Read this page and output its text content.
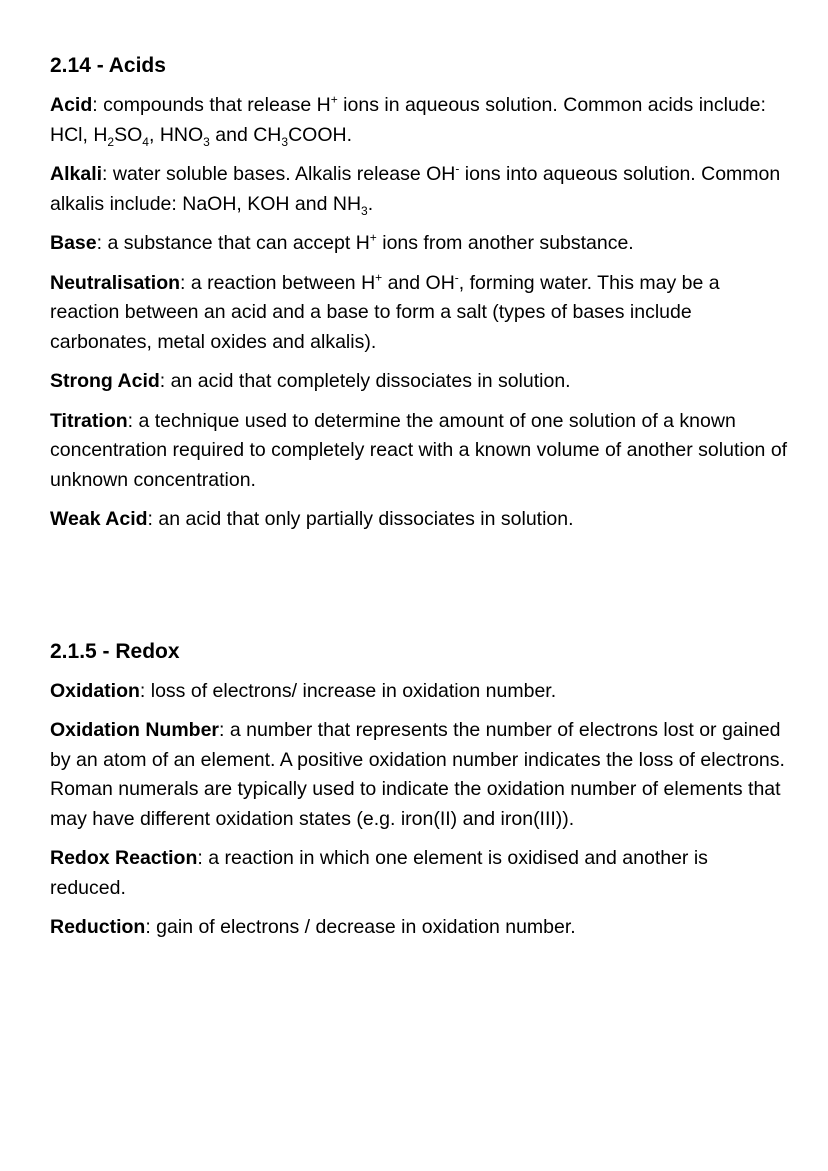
2.14 - Acids

Acid: compounds that release H+ ions in aqueous solution. Common acids include: HCl, $H_2SO_4$, $HNO_3$ and $CH_3COOH$.

Alkali: water soluble bases. Alkalis release OH- ions into aqueous solution. Common alkalis include: NaOH, KOH and $NH_3$.

Base: a substance that can accept H+ ions from another substance.

Neutralisation: a reaction between H+ and OH-, forming water. This may be a reaction between an acid and a base to form a salt (types of bases include carbonates, metal oxides and alkalis).

Strong Acid: an acid that completely dissociates in solution.

Titration: a technique used to determine the amount of one solution of a known concentration required to completely react with a known volume of another solution of unknown concentration.

Weak Acid: an acid that only partially dissociates in solution.

2.1.5 - Redox

Oxidation: loss of electrons/ increase in oxidation number.

Oxidation Number: a number that represents the number of electrons lost or gained by an atom of an element. A positive oxidation number indicates the loss of electrons. Roman numerals are typically used to indicate the oxidation number of elements that may have different oxidation states (e.g. iron(II) and iron(III)).

Redox Reaction: a reaction in which one element is oxidised and another is reduced.

Reduction: gain of electrons / decrease in oxidation number.
